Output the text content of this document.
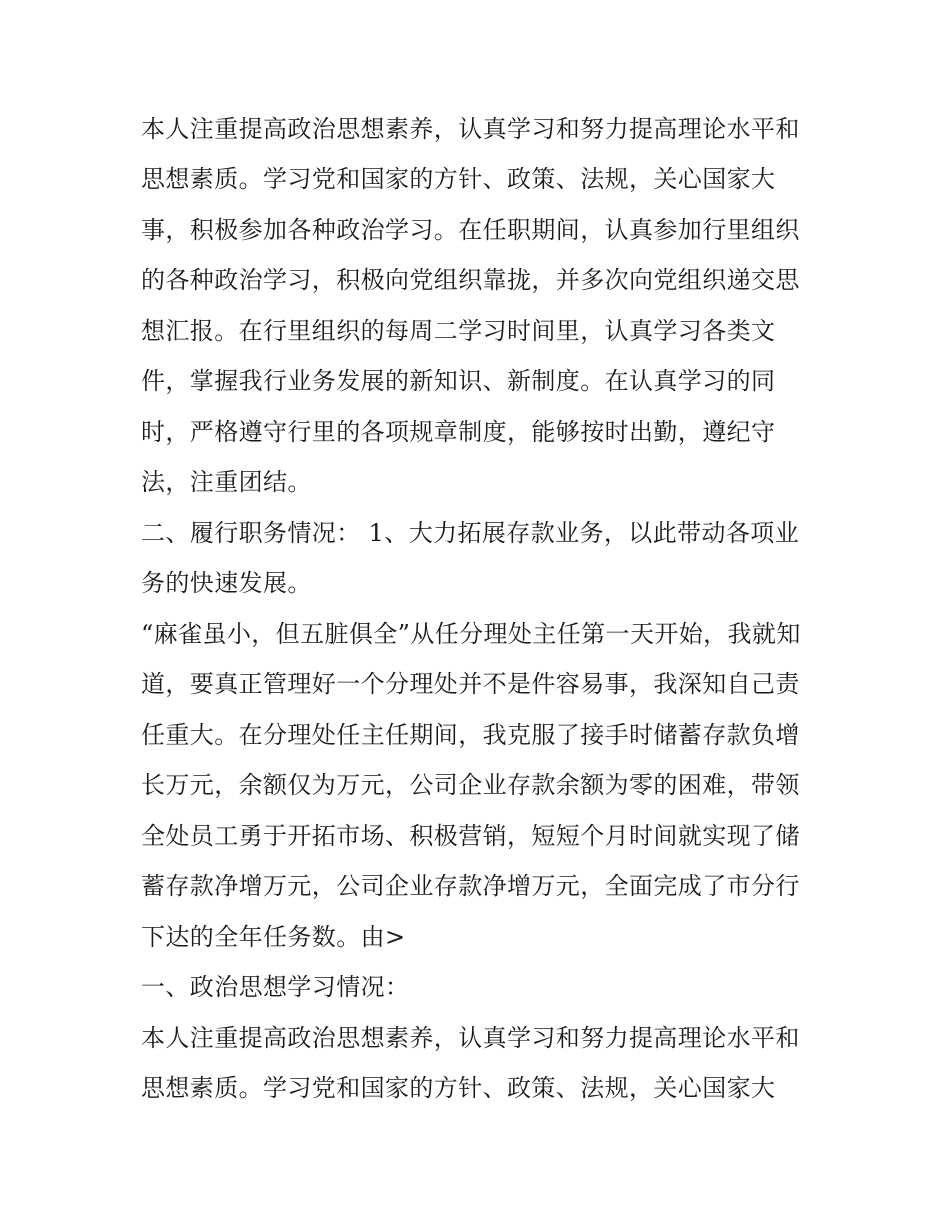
本人注重提高政治思想素养，认真学习和努力提高理论水平和
思想素质。学习党和国家的方针、政策、法规，关心国家大
事，积极参加各种政治学习。在任职期间，认真参加行里组织
的各种政治学习，积极向党组织靠拢，并多次向党组织递交思
想汇报。在行里组织的每周二学习时间里，认真学习各类文
件，掌握我行业务发展的新知识、新制度。在认真学习的同
时，严格遵守行里的各项规章制度，能够按时出勤，遵纪守
法，注重团结。
二、履行职务情况： 1、大力拓展存款业务，以此带动各项业
务的快速发展。
“麻雀虽小，但五脏俱全”从任分理处主任第一天开始，我就知
道，要真正管理好一个分理处并不是件容易事，我深知自己责
任重大。在分理处任主任期间，我克服了接手时储蓄存款负增
长万元，余额仅为万元，公司企业存款余额为零的困难，带领
全处员工勇于开拓市场、积极营销，短短个月时间就实现了储
蓄存款净增万元，公司企业存款净增万元，全面完成了市分行
下达的全年任务数。由>
一、政治思想学习情况：
本人注重提高政治思想素养，认真学习和努力提高理论水平和
思想素质。学习党和国家的方针、政策、法规，关心国家大
